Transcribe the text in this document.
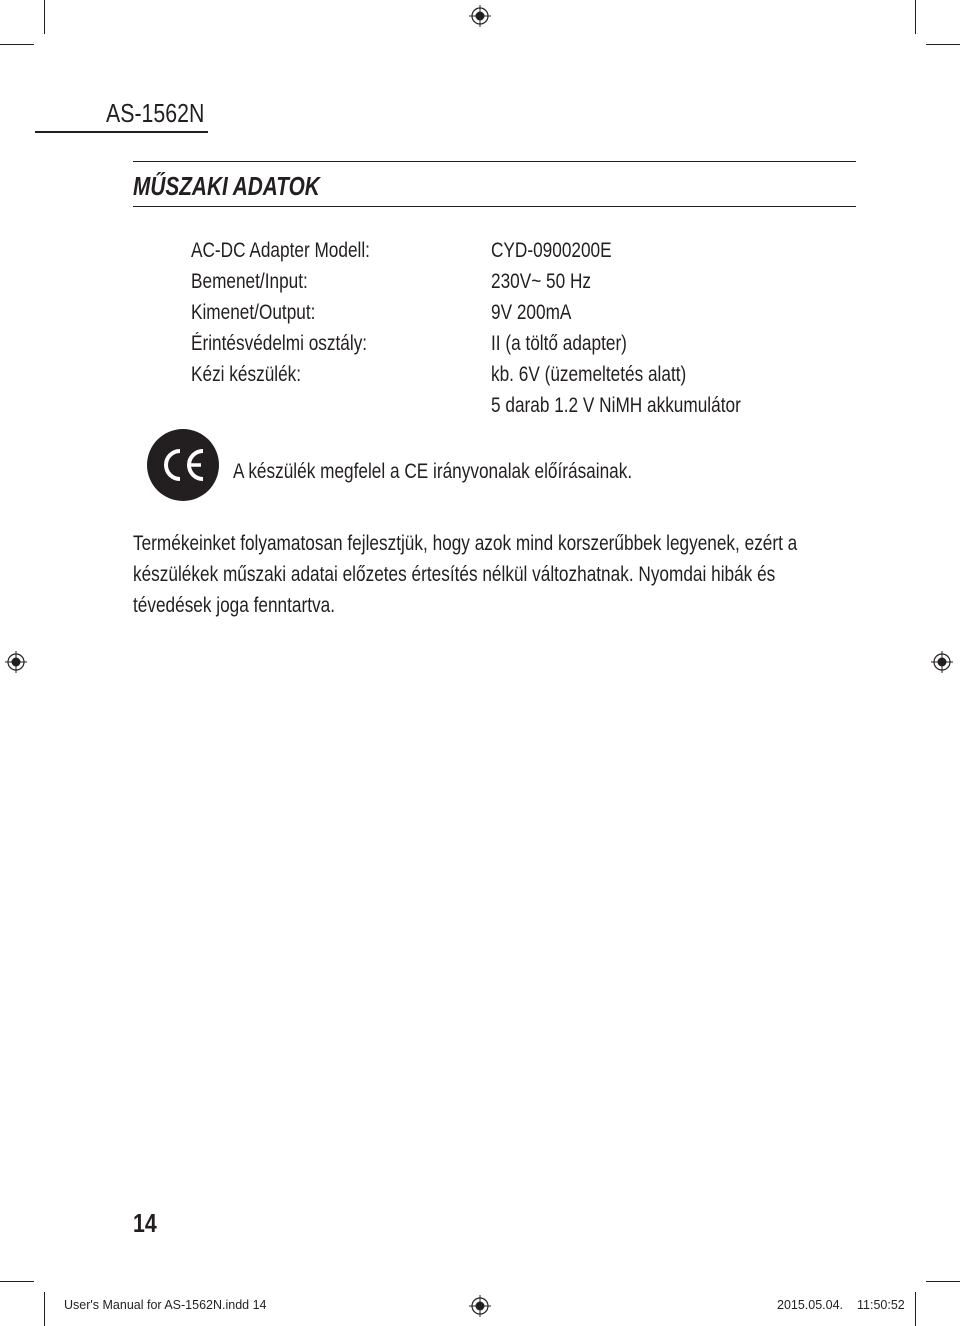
AS-1562N
MŰSZAKI ADATOK
AC-DC Adapter Modell:	CYD-0900200E
Bemenet/Input:	230V~ 50 Hz
Kimenet/Output:	9V 200mA
Érintésvédelmi osztály:	II (a töltő adapter)
Kézi készülék:	kb. 6V (üzemeltetés alatt)
5 darab 1.2 V NiMH akkumulátor
A készülék megfelel a CE irányvonalak előírásainak.
Termékeinket folyamatosan fejlesztjük, hogy azok mind korszerűbbek legyenek, ezért a készülékek műszaki adatai előzetes értesítés nélkül változhatnak. Nyomdai hibák és tévedések joga fenntartva.
14
User's Manual for AS-1562N.indd 14	2015.05.04. 11:50:52
